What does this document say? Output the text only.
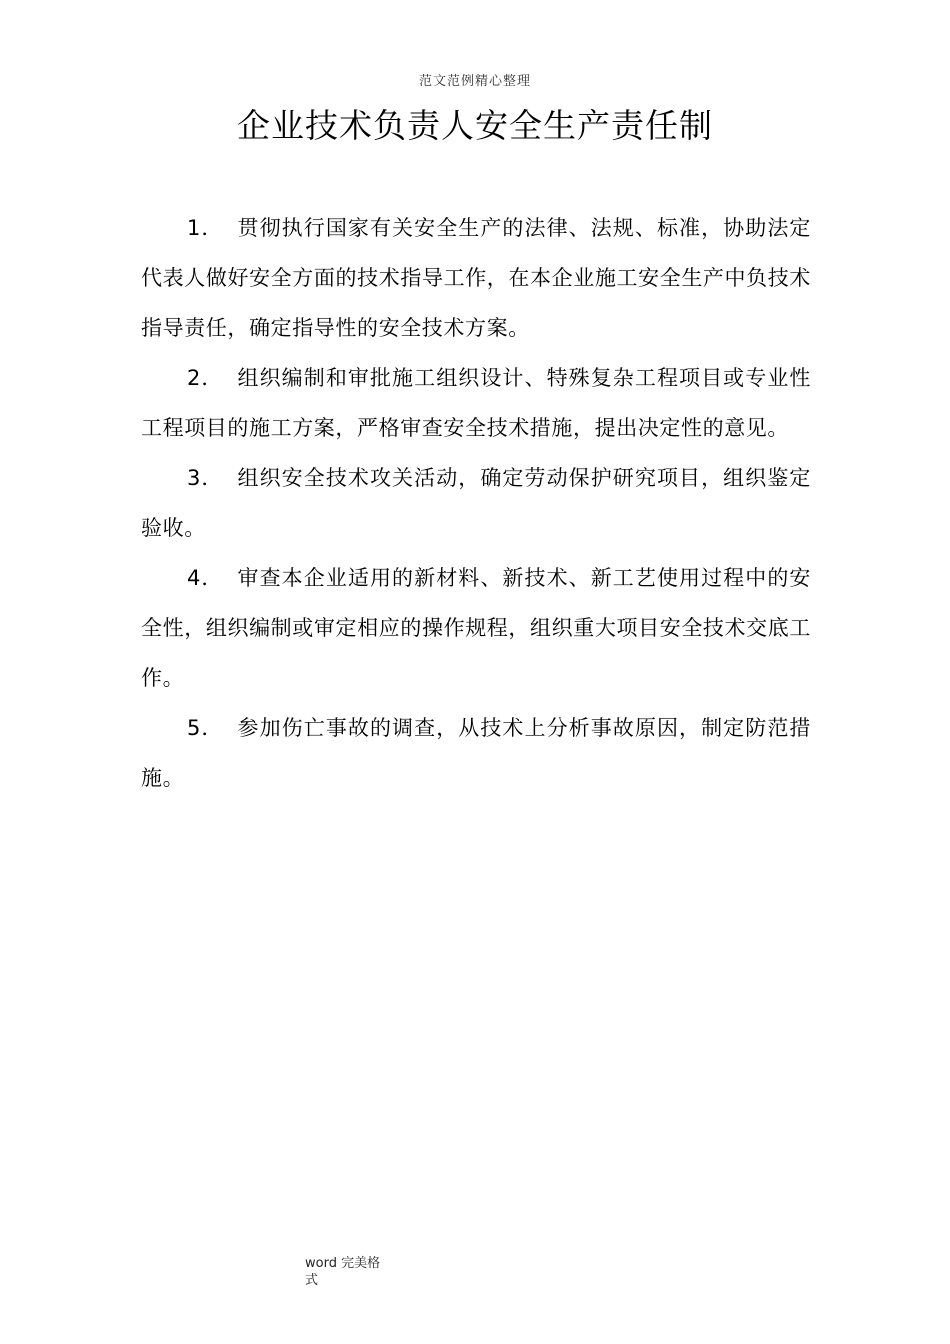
范文范例精心整理
企业技术负责人安全生产责任制

1． 贯彻执行国家有关安全生产的法律、法规、标准，协助法定代表人做好安全方面的技术指导工作，在本企业施工安全生产中负技术指导责任，确定指导性的安全技术方案。

2． 组织编制和审批施工组织设计、特殊复杂工程项目或专业性工程项目的施工方案，严格审查安全技术措施，提出决定性的意见。

3． 组织安全技术攻关活动，确定劳动保护研究项目，组织鉴定验收。

4． 审查本企业适用的新材料、新技术、新工艺使用过程中的安全性，组织编制或审定相应的操作规程，组织重大项目安全技术交底工作。

5． 参加伤亡事故的调查，从技术上分析事故原因，制定防范措施。

word 完美格
式
